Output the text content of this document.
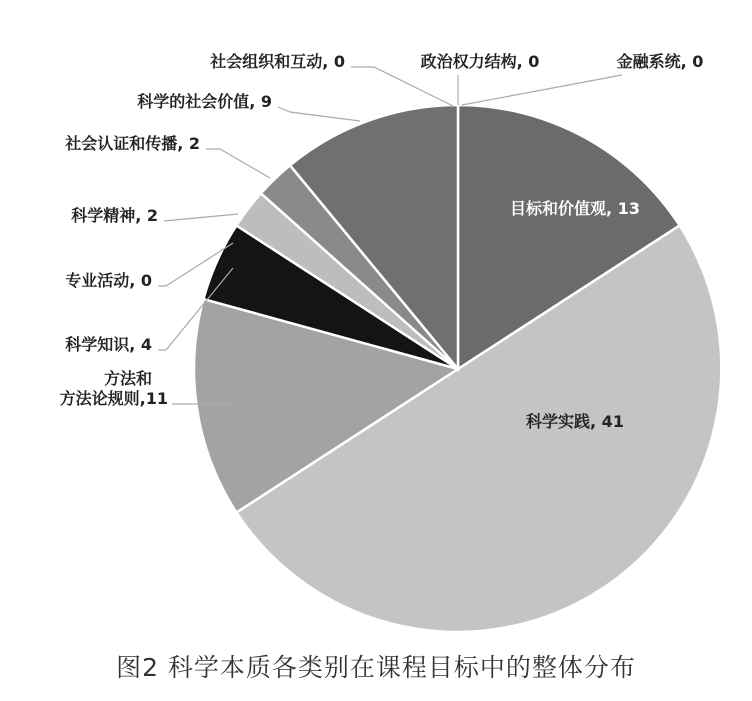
目标和价值观, 13
科学实践, 41
方法和方法论规则,11
科学知识, 4
专业活动, 0
科学精神, 2
社会认证和传播, 2
科学的社会价值, 9
社会组织和互动, 0	政治权力结构, 0	金融系统, 0
图2 科学本质各类别在课程目标中的整体分布
